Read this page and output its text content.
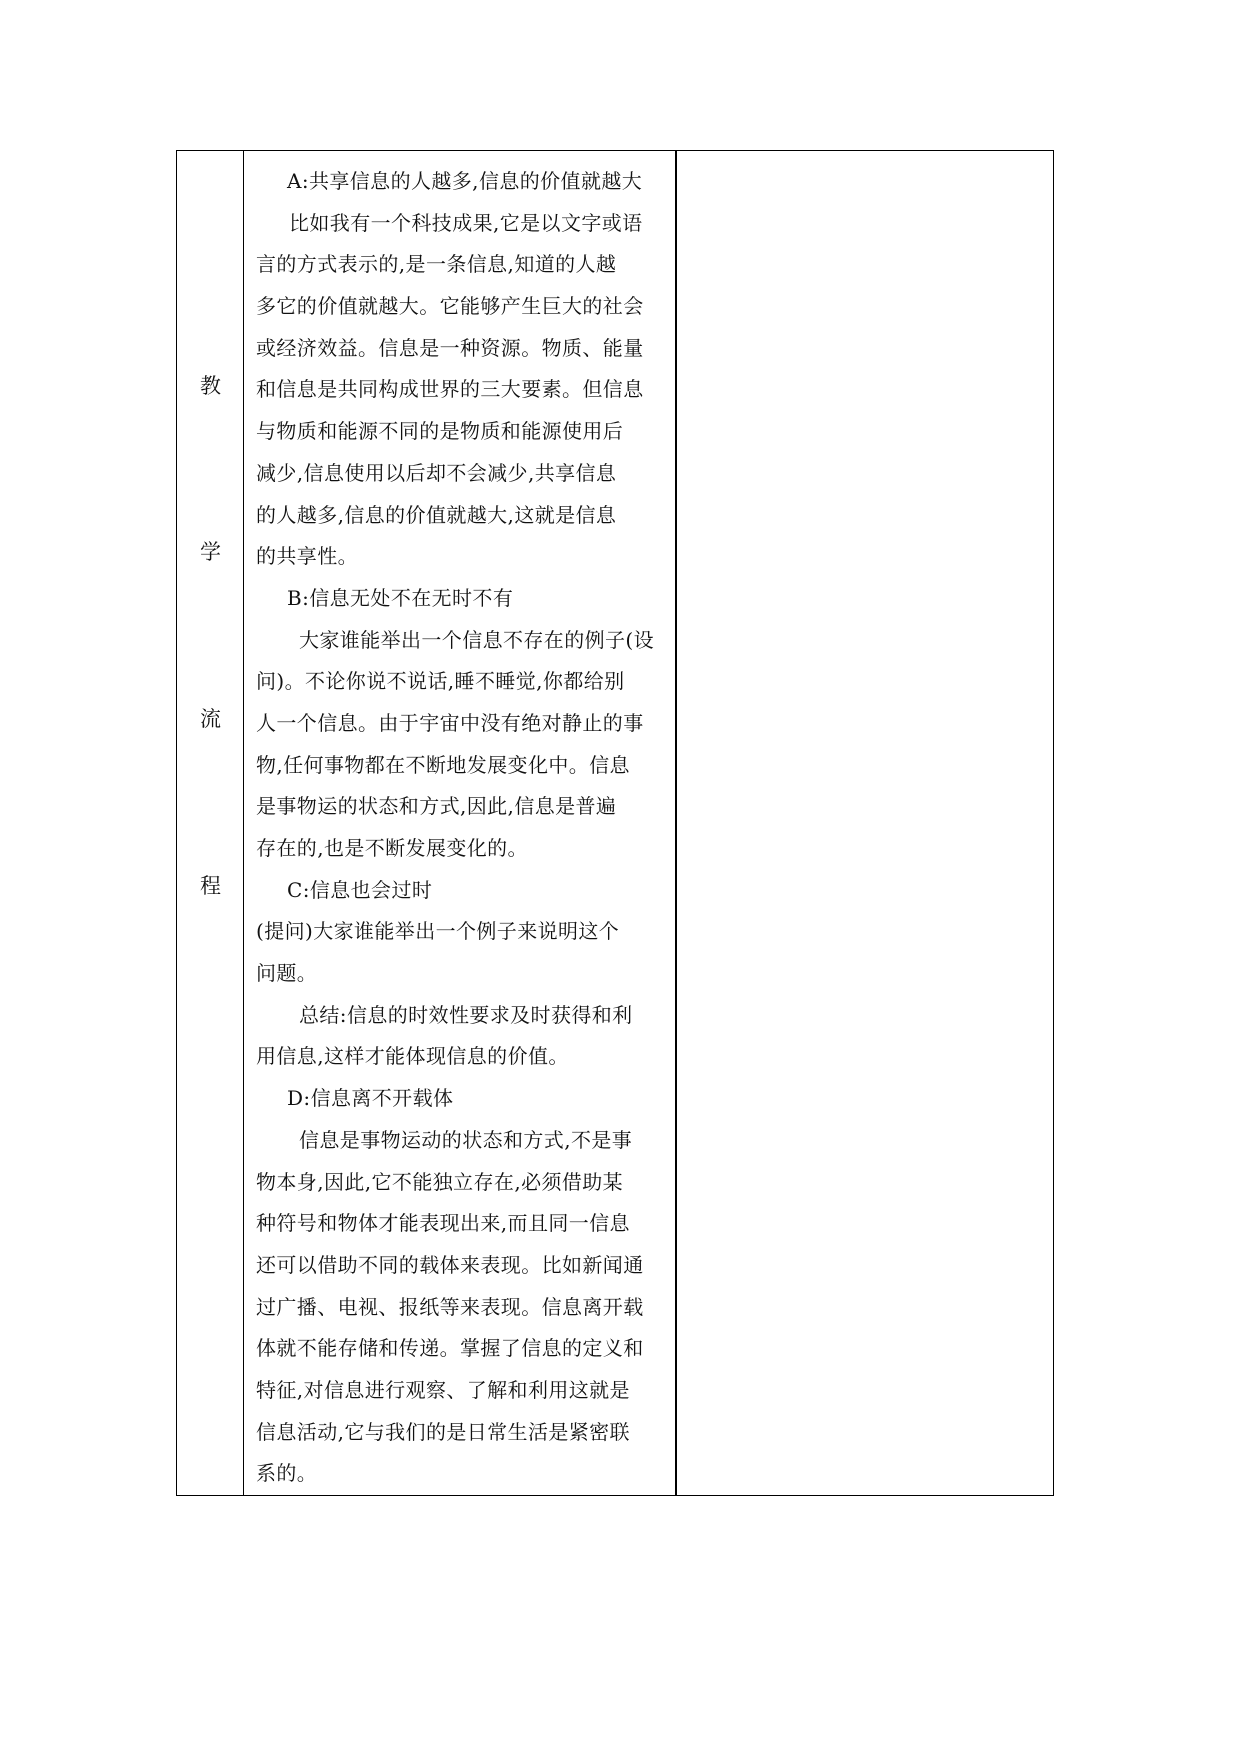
教
学
流
程

A:共享信息的人越多,信息的价值就越大
比如我有一个科技成果,它是以文字或语
言的方式表示的,是一条信息,知道的人越
多它的价值就越大。它能够产生巨大的社会
或经济效益。信息是一种资源。物质、能量
和信息是共同构成世界的三大要素。但信息
与物质和能源不同的是物质和能源使用后
减少,信息使用以后却不会减少,共享信息
的人越多,信息的价值就越大,这就是信息
的共享性。
B:信息无处不在无时不有
大家谁能举出一个信息不存在的例子(设
问)。不论你说不说话,睡不睡觉,你都给别
人一个信息。由于宇宙中没有绝对静止的事
物,任何事物都在不断地发展变化中。信息
是事物运的状态和方式,因此,信息是普遍
存在的,也是不断发展变化的。
C:信息也会过时
(提问)大家谁能举出一个例子来说明这个
问题。
总结:信息的时效性要求及时获得和利
用信息,这样才能体现信息的价值。
D:信息离不开载体
信息是事物运动的状态和方式,不是事
物本身,因此,它不能独立存在,必须借助某
种符号和物体才能表现出来,而且同一信息
还可以借助不同的载体来表现。比如新闻通
过广播、电视、报纸等来表现。信息离开载
体就不能存储和传递。掌握了信息的定义和
特征,对信息进行观察、了解和利用这就是
信息活动,它与我们的是日常生活是紧密联
系的。
